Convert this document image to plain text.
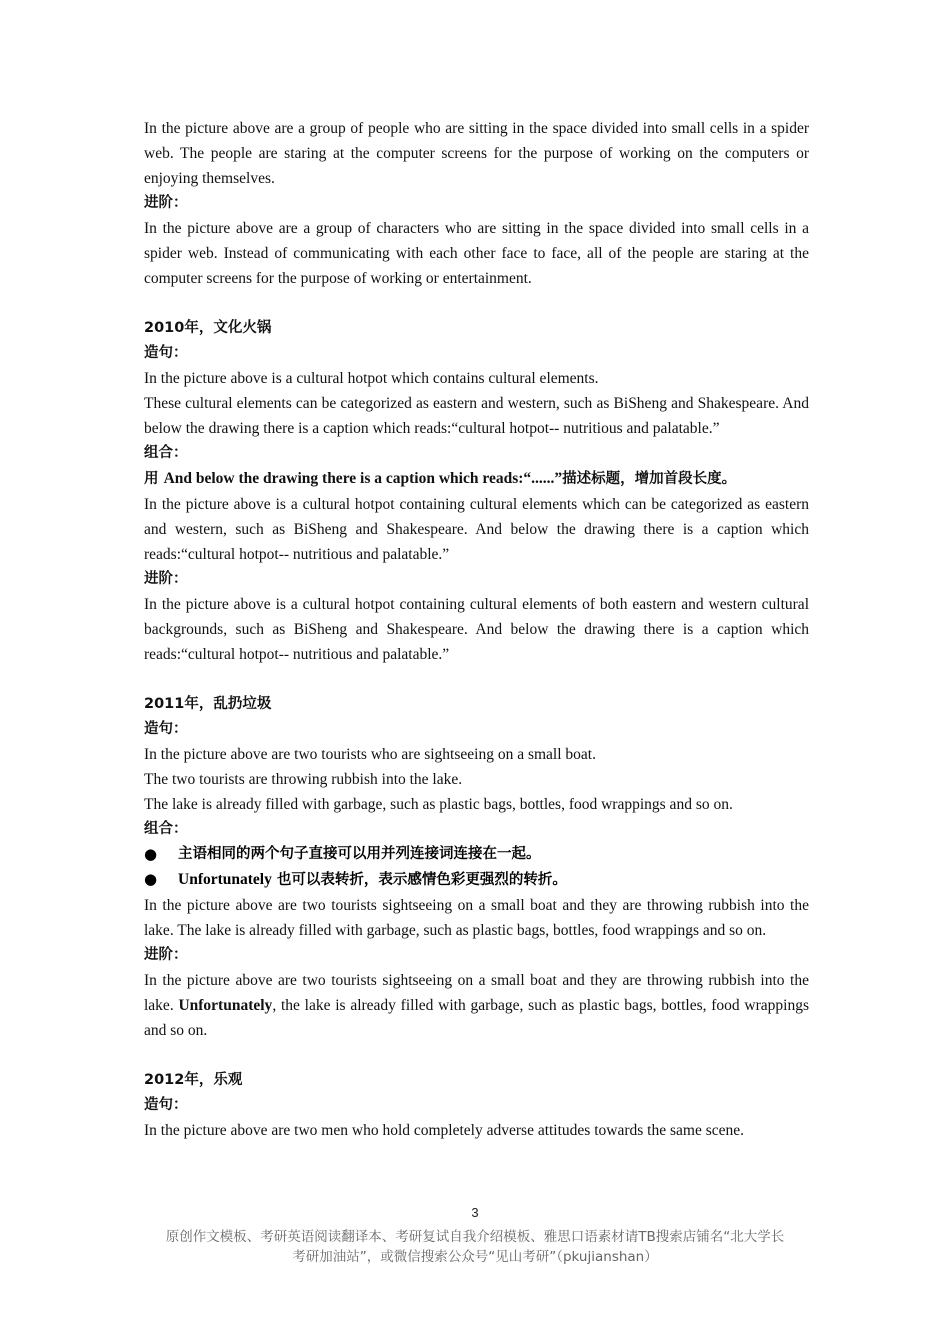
In the picture above are a group of people who are sitting in the space divided into small cells in a spider web. The people are staring at the computer screens for the purpose of working on the computers or enjoying themselves.

进阶：

In the picture above are a group of characters who are sitting in the space divided into small cells in a spider web. Instead of communicating with each other face to face, all of the people are staring at the computer screens for the purpose of working or entertainment.

2010年，文化火锅
造句：

In the picture above is a cultural hotpot which contains cultural elements.

These cultural elements can be categorized as eastern and western, such as BiSheng and Shakespeare. And below the drawing there is a caption which reads:“cultural hotpot-- nutritious and palatable.”

组合：

用 And below the drawing there is a caption which reads:“......”描述标题，增加首段长度。

In the picture above is a cultural hotpot containing cultural elements which can be categorized as eastern and western, such as BiSheng and Shakespeare. And below the drawing there is a caption which reads:“cultural hotpot-- nutritious and palatable.”

进阶：

In the picture above is a cultural hotpot containing cultural elements of both eastern and western cultural backgrounds, such as BiSheng and Shakespeare. And below the drawing there is a caption which reads:“cultural hotpot-- nutritious and palatable.”

2011年，乱扔垃圾
造句：

In the picture above are two tourists who are sightseeing on a small boat.

The two tourists are throwing rubbish into the lake.

The lake is already filled with garbage, such as plastic bags, bottles, food wrappings and so on.

组合：
●	主语相同的两个句子直接可以用并列连接词连接在一起。
●	Unfortunately 也可以表转折，表示感情色彩更强烈的转折。

In the picture above are two tourists sightseeing on a small boat and they are throwing rubbish into the lake. The lake is already filled with garbage, such as plastic bags, bottles, food wrappings and so on.

进阶：

In the picture above are two tourists sightseeing on a small boat and they are throwing rubbish into the lake. Unfortunately, the lake is already filled with garbage, such as plastic bags, bottles, food wrappings and so on.

2012年，乐观
造句：

In the picture above are two men who hold completely adverse attitudes towards the same scene.

3
原创作文模板、考研英语阅读翻译本、考研复试自我介绍模板、雅思口语素材请TB搜索店铺名“北大学长
考研加油站”，或微信搜索公众号“见山考研”（pkujianshan）
